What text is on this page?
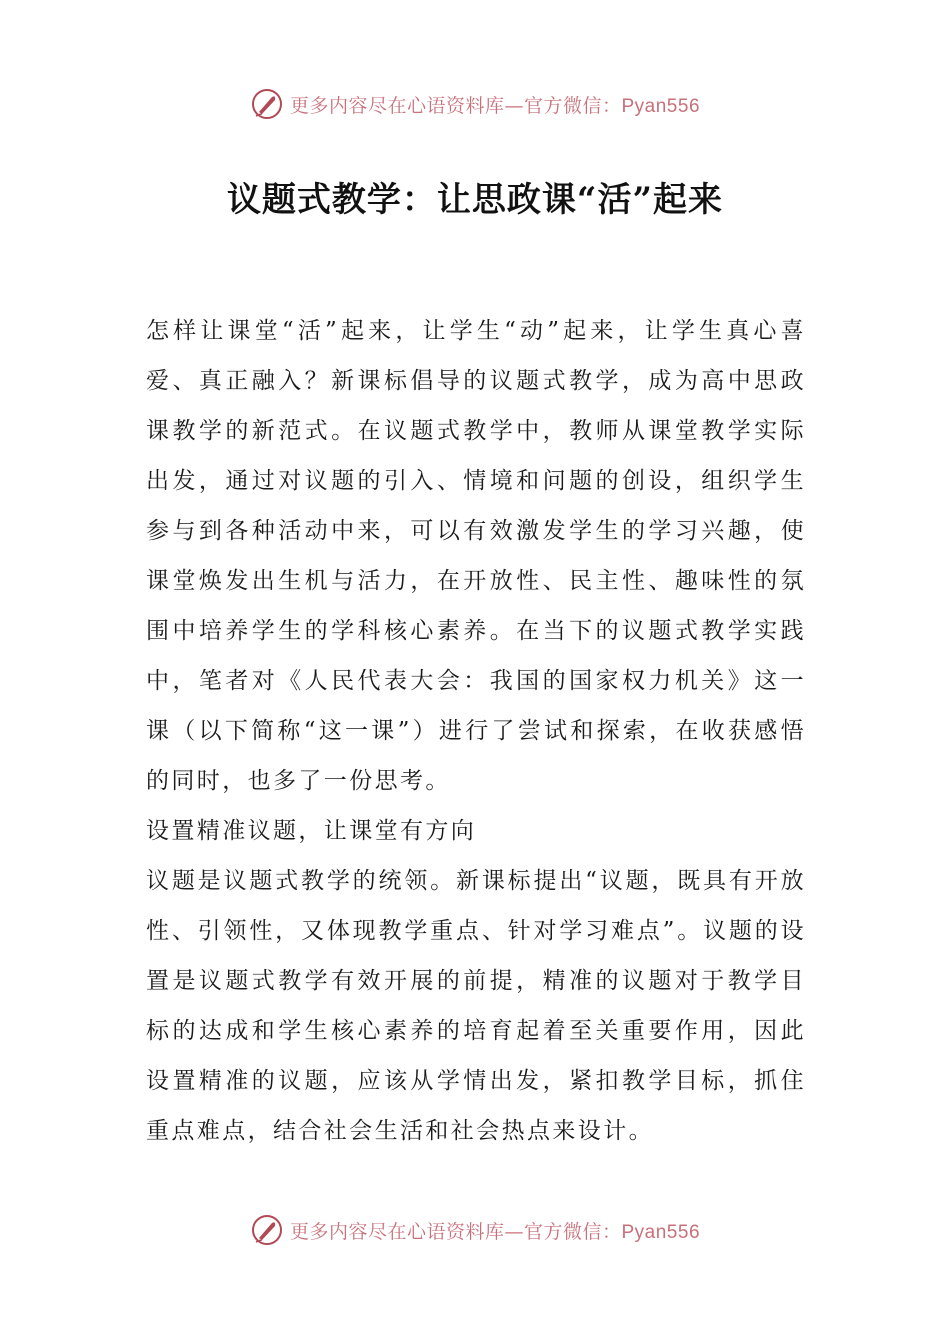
更多内容尽在心语资料库—官方微信：Pyan556
议题式教学：让思政课“活”起来

怎样让课堂“活”起来，让学生“动”起来，让学生真心喜爱、真正融入？新课标倡导的议题式教学，成为高中思政课教学的新范式。在议题式教学中，教师从课堂教学实际出发，通过对议题的引入、情境和问题的创设，组织学生参与到各种活动中来，可以有效激发学生的学习兴趣，使课堂焕发出生机与活力，在开放性、民主性、趣味性的氛围中培养学生的学科核心素养。在当下的议题式教学实践中，笔者对《人民代表大会：我国的国家权力机关》这一课（以下简称“这一课”）进行了尝试和探索，在收获感悟的同时，也多了一份思考。

设置精准议题，让课堂有方向

议题是议题式教学的统领。新课标提出“议题，既具有开放性、引领性，又体现教学重点、针对学习难点”。议题的设置是议题式教学有效开展的前提，精准的议题对于教学目标的达成和学生核心素养的培育起着至关重要作用，因此设置精准的议题，应该从学情出发，紧扣教学目标，抓住重点难点，结合社会生活和社会热点来设计。

更多内容尽在心语资料库—官方微信：Pyan556
